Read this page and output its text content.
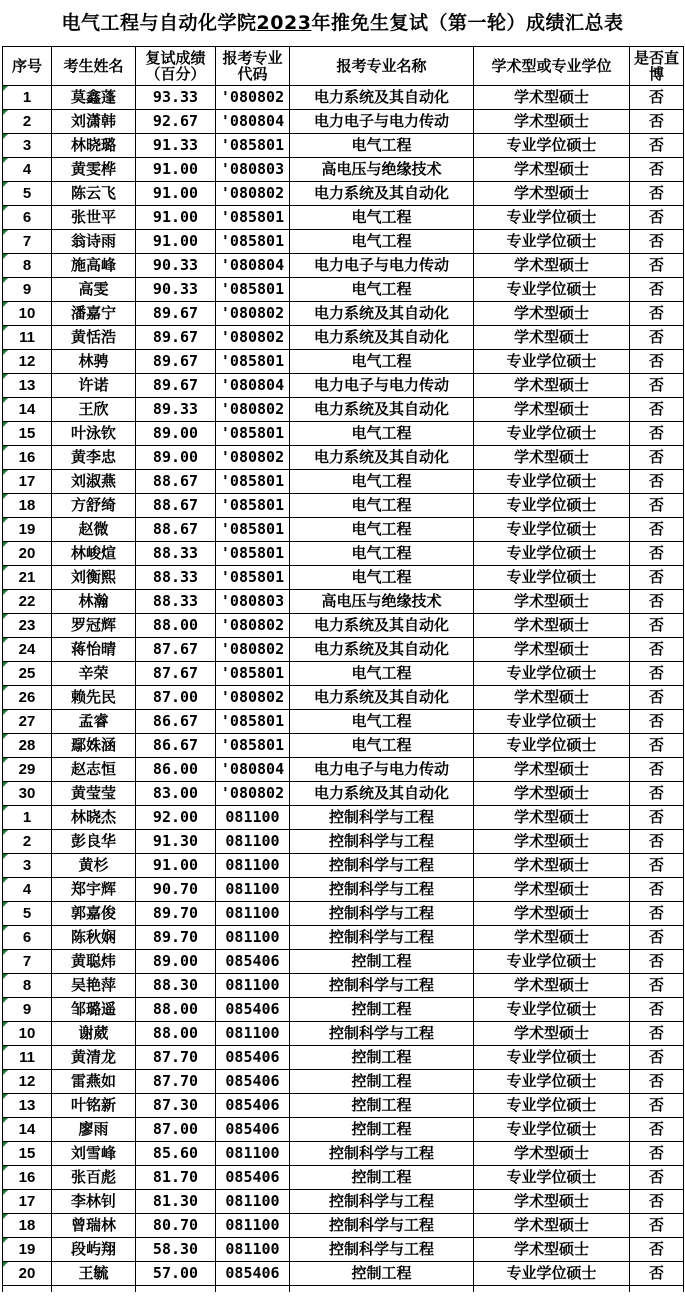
电气工程与自动化学院2023年推免生复试（第一轮）成绩汇总表
序号	考生姓名	复试成绩（百分）	报考专业代码	报考专业名称	学术型或专业学位	是否直博
1	莫鑫蓬	93.33	'080802	电力系统及其自动化	学术型硕士	否
2	刘潇韩	92.67	'080804	电力电子与电力传动	学术型硕士	否
3	林晓璐	91.33	'085801	电气工程	专业学位硕士	否
4	黄雯桦	91.00	'080803	高电压与绝缘技术	学术型硕士	否
5	陈云飞	91.00	'080802	电力系统及其自动化	学术型硕士	否
6	张世平	91.00	'085801	电气工程	专业学位硕士	否
7	翁诗雨	91.00	'085801	电气工程	专业学位硕士	否
8	施高峰	90.33	'080804	电力电子与电力传动	学术型硕士	否
9	高雯	90.33	'085801	电气工程	专业学位硕士	否
10	潘嘉宁	89.67	'080802	电力系统及其自动化	学术型硕士	否
11	黄恬浩	89.67	'080802	电力系统及其自动化	学术型硕士	否
12	林骋	89.67	'085801	电气工程	专业学位硕士	否
13	许诺	89.67	'080804	电力电子与电力传动	学术型硕士	否
14	王欣	89.33	'080802	电力系统及其自动化	学术型硕士	否
15	叶泳钦	89.00	'085801	电气工程	专业学位硕士	否
16	黄李忠	89.00	'080802	电力系统及其自动化	学术型硕士	否
17	刘淑燕	88.67	'085801	电气工程	专业学位硕士	否
18	方舒绮	88.67	'085801	电气工程	专业学位硕士	否
19	赵微	88.67	'085801	电气工程	专业学位硕士	否
20	林峻煊	88.33	'085801	电气工程	专业学位硕士	否
21	刘衡熙	88.33	'085801	电气工程	专业学位硕士	否
22	林瀚	88.33	'080803	高电压与绝缘技术	学术型硕士	否
23	罗冠辉	88.00	'080802	电力系统及其自动化	学术型硕士	否
24	蒋怡晴	87.67	'080802	电力系统及其自动化	学术型硕士	否
25	辛荣	87.67	'085801	电气工程	专业学位硕士	否
26	赖先民	87.00	'080802	电力系统及其自动化	学术型硕士	否
27	孟睿	86.67	'085801	电气工程	专业学位硕士	否
28	鄢姝涵	86.67	'085801	电气工程	专业学位硕士	否
29	赵志恒	86.00	'080804	电力电子与电力传动	学术型硕士	否
30	黄莹莹	83.00	'080802	电力系统及其自动化	学术型硕士	否
1	林晓杰	92.00	081100	控制科学与工程	学术型硕士	否
2	彭良华	91.30	081100	控制科学与工程	学术型硕士	否
3	黄杉	91.00	081100	控制科学与工程	学术型硕士	否
4	郑宇辉	90.70	081100	控制科学与工程	学术型硕士	否
5	郭嘉俊	89.70	081100	控制科学与工程	学术型硕士	否
6	陈秋娴	89.70	081100	控制科学与工程	学术型硕士	否
7	黄聪炜	89.00	085406	控制工程	专业学位硕士	否
8	吴艳萍	88.30	081100	控制科学与工程	学术型硕士	否
9	邹璐遥	88.00	085406	控制工程	专业学位硕士	否
10	谢葳	88.00	081100	控制科学与工程	学术型硕士	否
11	黄清龙	87.70	085406	控制工程	专业学位硕士	否
12	雷燕如	87.70	085406	控制工程	专业学位硕士	否
13	叶铭新	87.30	085406	控制工程	专业学位硕士	否
14	廖雨	87.00	085406	控制工程	专业学位硕士	否
15	刘雪峰	85.60	081100	控制科学与工程	学术型硕士	否
16	张百彪	81.70	085406	控制工程	专业学位硕士	否
17	李林钊	81.30	081100	控制科学与工程	学术型硕士	否
18	曾瑞林	80.70	081100	控制科学与工程	学术型硕士	否
19	段屿翔	58.30	081100	控制科学与工程	学术型硕士	否
20	王毓	57.00	085406	控制工程	专业学位硕士	否
